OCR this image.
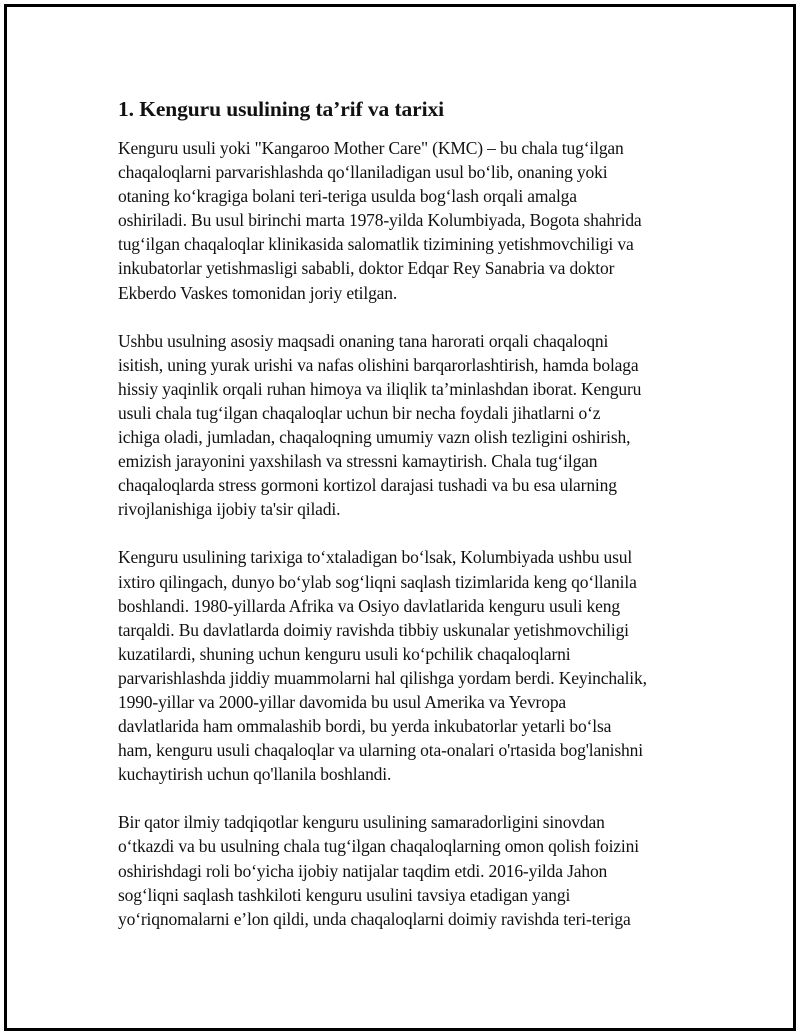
1. Kenguru usulining ta’rif va tarixi

Kenguru usuli yoki "Kangaroo Mother Care" (KMC) – bu chala tug‘ilgan
chaqaloqlarni parvarishlashda qo‘llaniladigan usul bo‘lib, onaning yoki
otaning ko‘kragiga bolani teri-teriga usulda bog‘lash orqali amalga
oshiriladi. Bu usul birinchi marta 1978-yilda Kolumbiyada, Bogota shahrida
tug‘ilgan chaqaloqlar klinikasida salomatlik tizimining yetishmovchiligi va
inkubatorlar yetishmasligi sababli, doktor Edqar Rey Sanabria va doktor
Ekberdo Vaskes tomonidan joriy etilgan.

Ushbu usulning asosiy maqsadi onaning tana harorati orqali chaqaloqni
isitish, uning yurak urishi va nafas olishini barqarorlashtirish, hamda bolaga
hissiy yaqinlik orqali ruhan himoya va iliqlik ta’minlashdan iborat. Kenguru
usuli chala tug‘ilgan chaqaloqlar uchun bir necha foydali jihatlarni o‘z
ichiga oladi, jumladan, chaqaloqning umumiy vazn olish tezligini oshirish,
emizish jarayonini yaxshilash va stressni kamaytirish. Chala tug‘ilgan
chaqaloqlarda stress gormoni kortizol darajasi tushadi va bu esa ularning
rivojlanishiga ijobiy ta'sir qiladi.

Kenguru usulining tarixiga to‘xtaladigan bo‘lsak, Kolumbiyada ushbu usul
ixtiro qilingach, dunyo bo‘ylab sog‘liqni saqlash tizimlarida keng qo‘llanila
boshlandi. 1980-yillarda Afrika va Osiyo davlatlarida kenguru usuli keng
tarqaldi. Bu davlatlarda doimiy ravishda tibbiy uskunalar yetishmovchiligi
kuzatilardi, shuning uchun kenguru usuli ko‘pchilik chaqaloqlarni
parvarishlashda jiddiy muammolarni hal qilishga yordam berdi. Keyinchalik,
1990-yillar va 2000-yillar davomida bu usul Amerika va Yevropa
davlatlarida ham ommalashib bordi, bu yerda inkubatorlar yetarli bo‘lsa
ham, kenguru usuli chaqaloqlar va ularning ota-onalari o'rtasida bog'lanishni
kuchaytirish uchun qo'llanila boshlandi.

Bir qator ilmiy tadqiqotlar kenguru usulining samaradorligini sinovdan
o‘tkazdi va bu usulning chala tug‘ilgan chaqaloqlarning omon qolish foizini
oshirishdagi roli bo‘yicha ijobiy natijalar taqdim etdi. 2016-yilda Jahon
sog‘liqni saqlash tashkiloti kenguru usulini tavsiya etadigan yangi
yo‘riqnomalarni e’lon qildi, unda chaqaloqlarni doimiy ravishda teri-teriga
